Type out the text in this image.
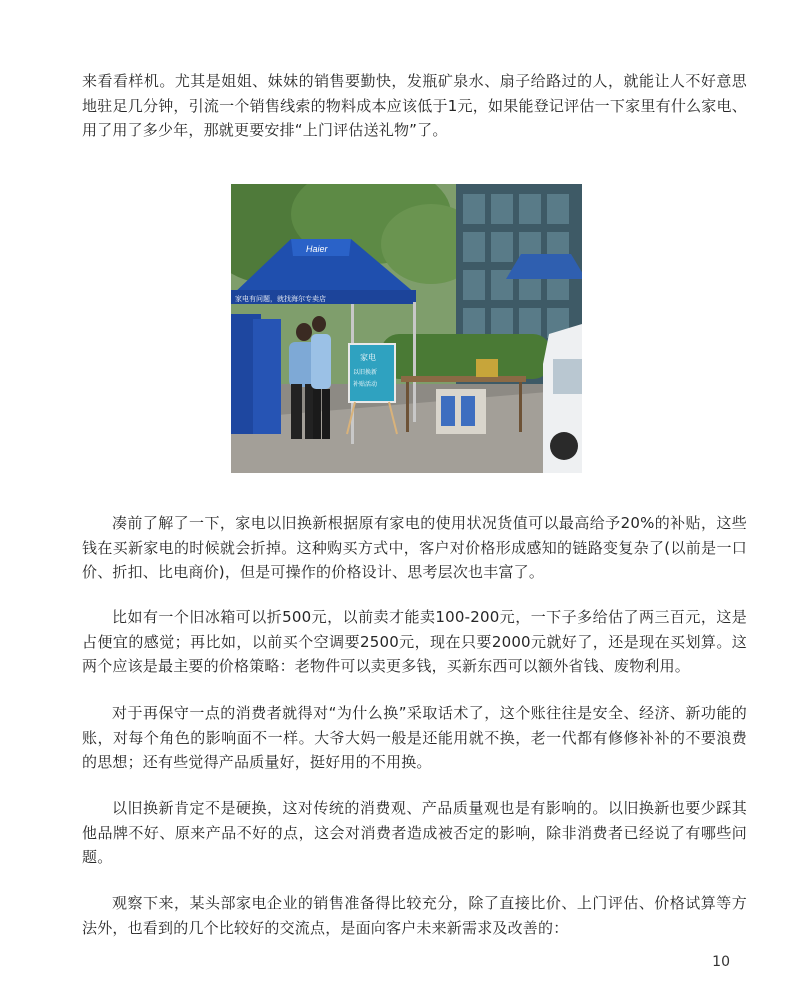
来看看样机。尤其是姐姐、妹妹的销售要勤快，发瓶矿泉水、扇子给路过的人，就能让人不好意思地驻足几分钟，引流一个销售线索的物料成本应该低于1元，如果能登记评估一下家里有什么家电、用了用了多少年，那就更要安排“上门评估送礼物”了。

Haier
家电有问题，就找海尔专卖店
家电
以旧换新
补贴活动

凑前了解了一下，家电以旧换新根据原有家电的使用状况货值可以最高给予20%的补贴，这些钱在买新家电的时候就会折掉。这种购买方式中，客户对价格形成感知的链路变复杂了(以前是一口价、折扣、比电商价)，但是可操作的价格设计、思考层次也丰富了。

比如有一个旧冰箱可以折500元，以前卖才能卖100-200元，一下子多给估了两三百元，这是占便宜的感觉；再比如，以前买个空调要2500元，现在只要2000元就好了，还是现在买划算。这两个应该是最主要的价格策略：老物件可以卖更多钱，买新东西可以额外省钱、废物利用。

对于再保守一点的消费者就得对“为什么换”采取话术了，这个账往往是安全、经济、新功能的账，对每个角色的影响面不一样。大爷大妈一般是还能用就不换，老一代都有修修补补的不要浪费的思想；还有些觉得产品质量好，挺好用的不用换。

以旧换新肯定不是硬换，这对传统的消费观、产品质量观也是有影响的。以旧换新也要少踩其他品牌不好、原来产品不好的点，这会对消费者造成被否定的影响，除非消费者已经说了有哪些问题。

观察下来，某头部家电企业的销售准备得比较充分，除了直接比价、上门评估、价格试算等方法外，也看到的几个比较好的交流点，是面向客户未来新需求及改善的：

10
